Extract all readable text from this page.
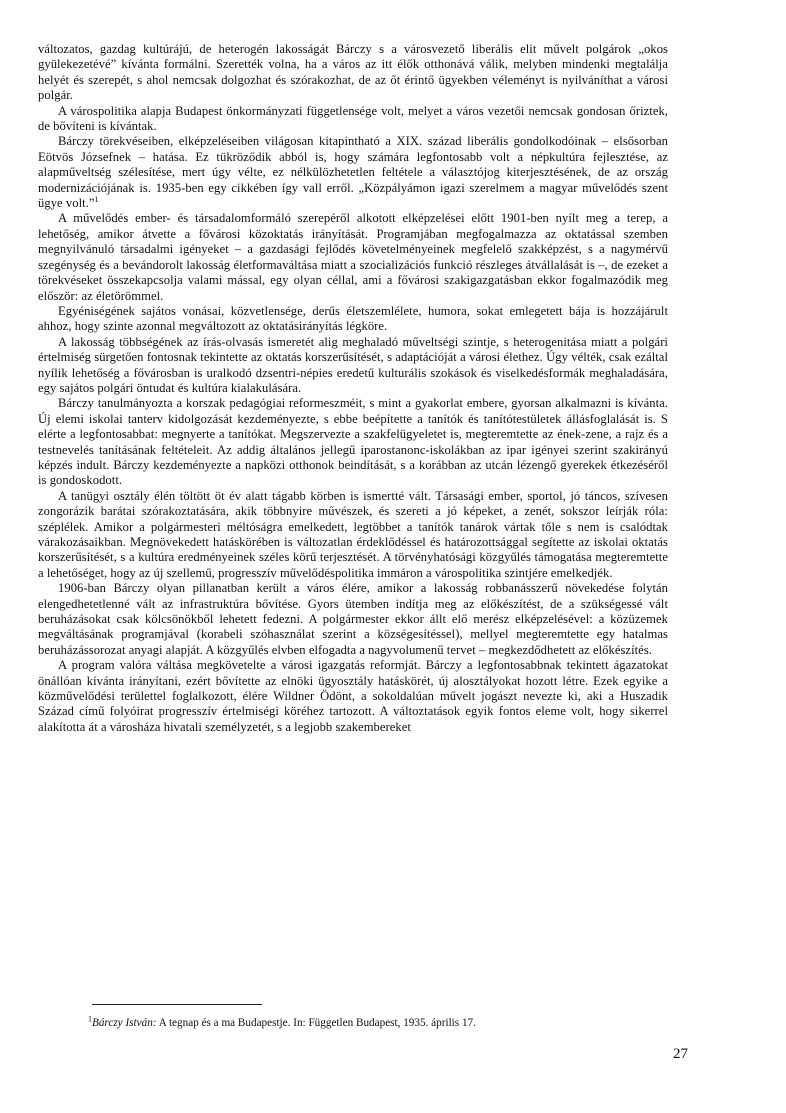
változatos, gazdag kultúrájú, de heterogén lakosságát Bárczy s a városvezető liberális elit művelt polgárok „okos gyülekezetévé” kívánta formálni. Szerették volna, ha a város az itt élők otthonává válik, melyben mindenki megtalálja helyét és szerepét, s ahol nemcsak dolgozhat és szórakozhat, de az őt érintő ügyekben véleményt is nyilváníthat a városi polgár.

A várospolitika alapja Budapest önkormányzati függetlensége volt, melyet a város vezetői nemcsak gondosan őriztek, de bővíteni is kívántak.

Bárczy törekvéseiben, elképzeléseiben világosan kitapintható a XIX. század liberális gondolkodóinak – elsősorban Eötvös Józsefnek – hatása. Ez tükröződik abból is, hogy számára legfontosabb volt a népkultúra fejlesztése, az alapműveltség szélesítése, mert úgy vélte, ez nélkülözhetetlen feltétele a választójog kiterjesztésének, de az ország modernizációjának is. 1935-ben egy cikkében így vall erről. „Közpályámon igazi szerelmem a magyar művelődés szent ügye volt.”$^1$

A művelődés ember- és társadalomformáló szerepéről alkotott elképzelései előtt 1901-ben nyílt meg a terep, a lehetőség, amikor átvette a fővárosi közoktatás irányítását. Programjában megfogalmazza az oktatással szemben megnyilvánuló társadalmi igényeket – a gazdasági fejlődés követelményeinek megfelelő szakképzést, s a nagymérvű szegénység és a bevándorolt lakosság életformaváltása miatt a szocializációs funkció részleges átvállalását is –, de ezeket a törekvéseket összekapcsolja valami mással, egy olyan céllal, ami a fővárosi szakigazgatásban ekkor fogalmazódik meg először: az életörömmel.

Egyéniségének sajátos vonásai, közvetlensége, derűs életszemlélete, humora, sokat emlegetett bája is hozzájárult ahhoz, hogy szinte azonnal megváltozott az oktatásirányítás légköre.

A lakosság többségének az írás-olvasás ismeretét alig meghaladó műveltségi szintje, s heterogenitása miatt a polgári értelmiség sürgetően fontosnak tekintette az oktatás korszerűsítését, s adaptációját a városi élethez. Úgy vélték, csak ezáltal nyílik lehetőség a fővárosban is uralkodó dzsentri-népies eredetű kulturális szokások és viselkedésformák meghaladására, egy sajátos polgári öntudat és kultúra kialakulására.

Bárczy tanulmányozta a korszak pedagógiai reformeszméit, s mint a gyakorlat embere, gyorsan alkalmazni is kívánta. Új elemi iskolai tanterv kidolgozását kezdeményezte, s ebbe beépítette a tanítók és tanítótestületek állásfoglalását is. S elérte a legfontosabbat: megnyerte a tanítókat. Megszervezte a szakfelügyeletet is, megteremtette az ének-zene, a rajz és a testnevelés tanításának feltételeit. Az addig általános jellegű iparostanonc-iskolákban az ipar igényei szerint szakirányú képzés indult. Bárczy kezdeményezte a napközi otthonok beindítását, s a korábban az utcán lézengő gyerekek étkezéséről is gondoskodott.

A tanügyi osztály élén töltött öt év alatt tágabb körben is ismertté vált. Társasági ember, sportol, jó táncos, szívesen zongorázik barátai szórakoztatására, akik többnyire művészek, és szereti a jó képeket, a zenét, sokszor leírják róla: széplélek. Amikor a polgármesteri méltóságra emelkedett, legtöbbet a tanítók tanárok vártak tőle s nem is csalódtak várakozásaikban. Megnövekedett hatáskörében is változatlan érdeklődéssel és határozottsággal segítette az iskolai oktatás korszerűsítését, s a kultúra eredményeinek széles körű terjesztését. A törvényhatósági közgyűlés támogatása megteremtette a lehetőséget, hogy az új szellemű, progresszív művelődéspolitika immáron a várospolitika szintjére emelkedjék.

1906-ban Bárczy olyan pillanatban került a város élére, amikor a lakosság robbanásszerű növekedése folytán elengedhetetlenné vált az infrastruktúra bővítése. Gyors ütemben indítja meg az előkészítést, de a szükségessé vált beruházásokat csak kölcsönökből lehetett fedezni. A polgármester ekkor állt elő merész elképzelésével: a közüzemek megváltásának programjával (korabeli szóhasználat szerint a községesítéssel), mellyel megteremtette egy hatalmas beruházássorozat anyagi alapját. A közgyűlés elvben elfogadta a nagyvolumenű tervet – megkezdődhetett az előkészítés.

A program valóra váltása megkövetelte a városi igazgatás reformját. Bárczy a legfontosabbnak tekintett ágazatokat önállóan kívánta irányítani, ezért bővítette az elnöki ügyosztály hatáskörét, új alosztályokat hozott létre. Ezek egyike a közművelődési területtel foglalkozott, élére Wildner Ödönt, a sokoldalúan művelt jogászt nevezte ki, aki a Huszadik Század című folyóirat progresszív értelmiségi köréhez tartozott. A változtatások egyik fontos eleme volt, hogy sikerrel alakította át a városháza hivatali személyzetét, s a legjobb szakembereket

$^1$Bárczy István: A tegnap és a ma Budapestje. In: Független Budapest, 1935. április 17.
27
